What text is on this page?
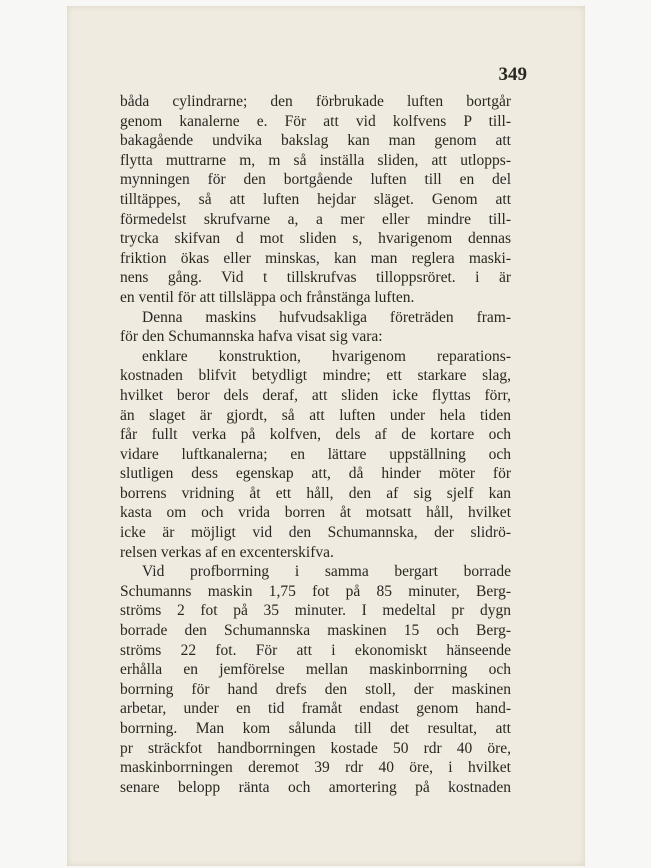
349
båda cylindrarne; den förbrukade luften bortgår
genom kanalerne e. För att vid kolfvens P till-
bakagående undvika bakslag kan man genom att
flytta muttrarne m, m så inställa sliden, att utlopps-
mynningen för den bortgående luften till en del
tilltäppes, så att luften hejdar släget. Genom att
förmedelst skrufvarne a, a mer eller mindre till-
trycka skifvan d mot sliden s, hvarigenom dennas
friktion ökas eller minskas, kan man reglera maski-
nens gång. Vid t tillskrufvas tilloppsröret. i är
en ventil för att tillsläppa och frånstänga luften.
Denna maskins hufvudsakliga företräden fram-
för den Schumannska hafva visat sig vara:
enklare konstruktion, hvarigenom reparations-
kostnaden blifvit betydligt mindre; ett starkare slag,
hvilket beror dels deraf, att sliden icke flyttas förr,
än slaget är gjordt, så att luften under hela tiden
får fullt verka på kolfven, dels af de kortare och
vidare luftkanalerna; en lättare uppställning och
slutligen dess egenskap att, då hinder möter för
borrens vridning åt ett håll, den af sig sjelf kan
kasta om och vrida borren åt motsatt håll, hvilket
icke är möjligt vid den Schumannska, der slidrö-
relsen verkas af en excenterskifva.
Vid profborrning i samma bergart borrade
Schumanns maskin 1,75 fot på 85 minuter, Berg-
ströms 2 fot på 35 minuter. I medeltal pr dygn
borrade den Schumannska maskinen 15 och Berg-
ströms 22 fot. För att i ekonomiskt hänseende
erhålla en jemförelse mellan maskinborrning och
borrning för hand drefs den stoll, der maskinen
arbetar, under en tid framåt endast genom hand-
borrning. Man kom sålunda till det resultat, att
pr sträckfot handborrningen kostade 50 rdr 40 öre,
maskinborrningen deremot 39 rdr 40 öre, i hvilket
senare belopp ränta och amortering på kostnaden
